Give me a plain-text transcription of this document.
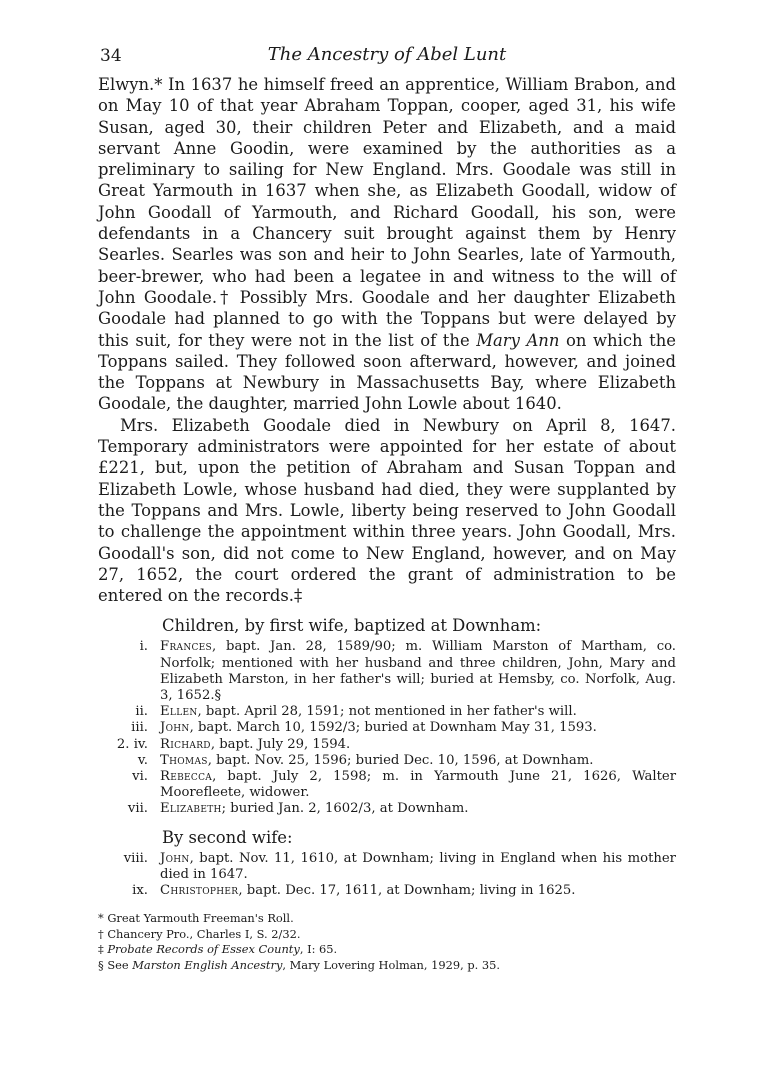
34	The Ancestry of Abel Lunt

Elwyn.* In 1637 he himself freed an apprentice, William Brabon, and on May 10 of that year Abraham Toppan, cooper, aged 31, his wife Susan, aged 30, their children Peter and Elizabeth, and a maid servant Anne Goodin, were examined by the authorities as a preliminary to sailing for New England. Mrs. Goodale was still in Great Yarmouth in 1637 when she, as Elizabeth Goodall, widow of John Goodall of Yarmouth, and Richard Goodall, his son, were defendants in a Chancery suit brought against them by Henry Searles. Searles was son and heir to John Searles, late of Yarmouth, beer-brewer, who had been a legatee in and witness to the will of John Goodale.† Possibly Mrs. Goodale and her daughter Elizabeth Goodale had planned to go with the Toppans but were delayed by this suit, for they were not in the list of the Mary Ann on which the Toppans sailed. They followed soon afterward, however, and joined the Toppans at Newbury in Massachusetts Bay, where Elizabeth Goodale, the daughter, married John Lowle about 1640.

Mrs. Elizabeth Goodale died in Newbury on April 8, 1647. Temporary administrators were appointed for her estate of about £221, but, upon the petition of Abraham and Susan Toppan and Elizabeth Lowle, whose husband had died, they were supplanted by the Toppans and Mrs. Lowle, liberty being reserved to John Goodall to challenge the appointment within three years. John Goodall, Mrs. Goodall's son, did not come to New England, however, and on May 27, 1652, the court ordered the grant of administration to be entered on the records.‡

Children, by first wife, baptized at Downham:
i. Frances, bapt. Jan. 28, 1589/90; m. William Marston of Martham, co. Norfolk; mentioned with her husband and three children, John, Mary and Elizabeth Marston, in her father's will; buried at Hemsby, co. Norfolk, Aug. 3, 1652.§
ii. Ellen, bapt. April 28, 1591; not mentioned in her father's will.
iii. John, bapt. March 10, 1592/3; buried at Downham May 31, 1593.
2. iv. Richard, bapt. July 29, 1594.
v. Thomas, bapt. Nov. 25, 1596; buried Dec. 10, 1596, at Downham.
vi. Rebecca, bapt. July 2, 1598; m. in Yarmouth June 21, 1626, Walter Moorefleete, widower.
vii. Elizabeth; buried Jan. 2, 1602/3, at Downham.
By second wife:
viii. John, bapt. Nov. 11, 1610, at Downham; living in England when his mother died in 1647.
ix. Christopher, bapt. Dec. 17, 1611, at Downham; living in 1625.

* Great Yarmouth Freeman's Roll.

† Chancery Pro., Charles I, S. 2/32.

‡ Probate Records of Essex County, I: 65.

§ See Marston English Ancestry, Mary Lovering Holman, 1929, p. 35.
